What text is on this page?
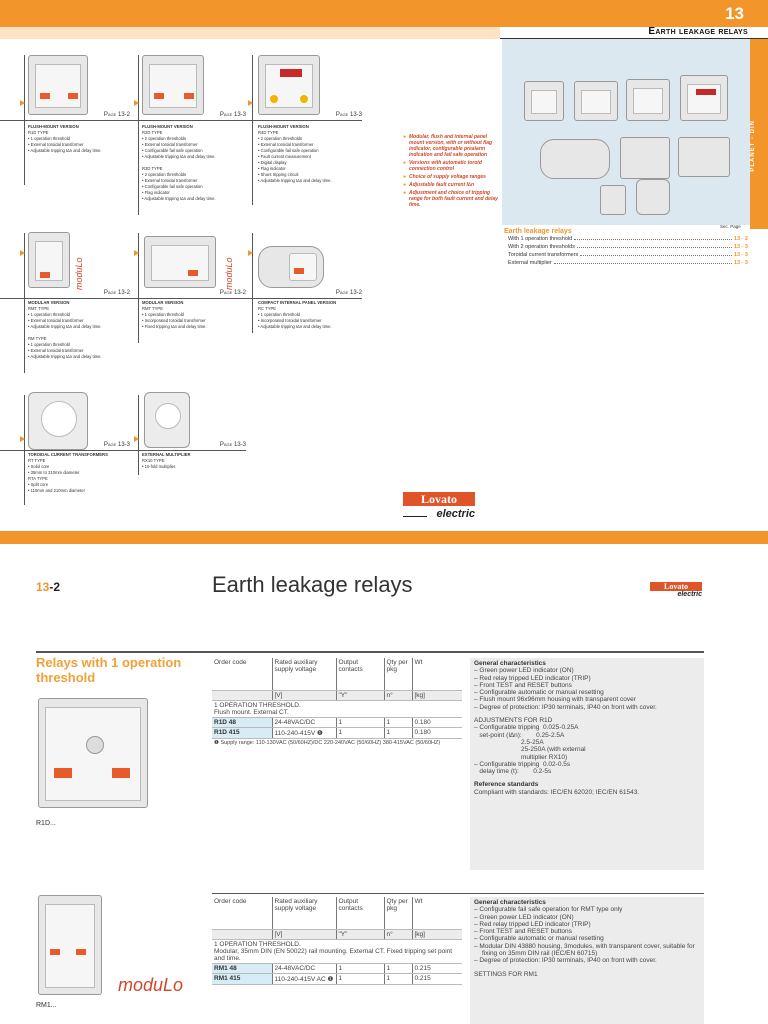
13
Earth leakage relays
Page 13-2
FLUSH-MOUNT VERSION
R1D TYPE
• 1 operation threshold
• External toroidal transformer
• Adjustable tripping I∆n and delay time.
Page 13-3
FLUSH-MOUNT VERSION
R2D TYPE
• 2 operation thresholds
• External toroidal transformer
• Configurable fail safe operation
• Adjustable tripping I∆n and delay time.

R3D TYPE
• 2 operation thresholds
• External toroidal transformer
• Configurable fail safe operation
• Flag indicator
• Adjustable tripping I∆n and delay time.
Page 13-3
FLUSH-MOUNT VERSION
R4D TYPE
• 2 operation thresholds
• External toroidal transformer
• Configurable fail safe operation
• Fault current measurement
• Digital display
• Flag indicator
• Shunt tripping circuit
• Adjustable tripping I∆n and delay time.
moduLo
Page 13-2
MODULAR VERSION
RMT TYPE
• 1 operation threshold
• External toroidal transformer
• Adjustable tripping I∆n and delay time.

RM TYPE
• 1 operation threshold
• External toroidal transformer
• Adjustable tripping I∆n and delay time.
moduLo
Page 13-2
MODULAR VERSION
RMT TYPE
• 1 operation threshold
• Incorporated toroidal transformer
• Fixed tripping I∆n and delay time.
Page 13-2
COMPACT INTERNAL PANEL VERSION
RC TYPE
• 1 operation threshold
• Incorporated toroidal transformer
• Adjustable tripping I∆n and delay time.
Page 13-3
TOROIDAL CURRENT TRANSFORMERS
RT TYPE
• Solid core
• 35mm to 210mm diameter
RTA TYPE
• Split core
• 110mm and 210mm diameter
Page 13-3
EXTERNAL MULTIPLIER
RX10 TYPE
• 10-fold multiplier.
● Modular, flush and internal panel mount version, with or without flag indicator, configurable prealarm indication and fail safe operation
● Versions with automatic toroid connection control
● Choice of supply voltage ranges
● Adjustable fault current I∆n
● Adjustment and choice of tripping range for both fault current and delay time.
PLANET - DIN
Earth leakage relays
Sec. Page
With 1 operation threshold	13 - 2
With 2 operation thresholds	13 - 3
Toroidal current transformers	13 - 3
External multiplier	13 - 3
Lovato
electric
13-2	Earth leakage relays	Lovato
electric
Relays with 1 operation threshold
R1D...
Order code	Rated auxiliary supply voltage	Output contacts	Qty per pkg	Wt
	[V]	"Y"	n°	[kg]

1 OPERATION THRESHOLD.
Flush mount. External CT.				

R1D 48	24-48VAC/DC	1	1	0.180
R1D 415	110-240-415V ❶	1	1	0.180
❶ Supply range: 110-130VAC (50/60HZ)/DC 220-240VAC (50/60HZ) 380-415VAC (50/60HZ)				
General characteristics
– Green power LED indicator (ON)
– Red relay tripped LED indicator (TRIP)
– Front TEST and RESET buttons
– Configurable automatic or manual resetting
– Flush mount 96x96mm housing with transparent cover
– Degree of protection: IP30 terminals, IP40 on front with cover.
ADJUSTMENTS FOR R1D
– Configurable tripping  0.025-0.25A
set-point (I∆n):        0.25-2.5A
2.5-25A
25-250A (with external
multiplier RX10)
– Configurable tripping  0.02-0.5s
delay time (t):        0.2-5s
Reference standards
Compliant with standards: IEC/EN 62020; IEC/EN 61543.
moduLo
RM1...
Order code	Rated auxiliary supply voltage	Output contacts	Qty per pkg	Wt
	[V]	"Y"	n°	[kg]

1 OPERATION THRESHOLD.
Modular, 35mm DIN (EN 50022) rail mounting. External CT. Fixed tripping set point and time.				

RM1 48	24-48VAC/DC	1	1	0.215
RM1 415	110-240-415V AC ❶	1	1	0.215
General characteristics
– Configurable fail safe operation for RMT type only
– Green power LED indicator (ON)
– Red relay tripped LED indicator (TRIP)
– Front TEST and RESET buttons
– Configurable automatic or manual resetting
– Modular DIN 43880 housing, 3modules, with transparent cover, suitable for fixing on 35mm DIN rail (IEC/EN 60715)
– Degree of protection: IP30 terminals, IP40 on front with cover.
SETTINGS FOR RM1
